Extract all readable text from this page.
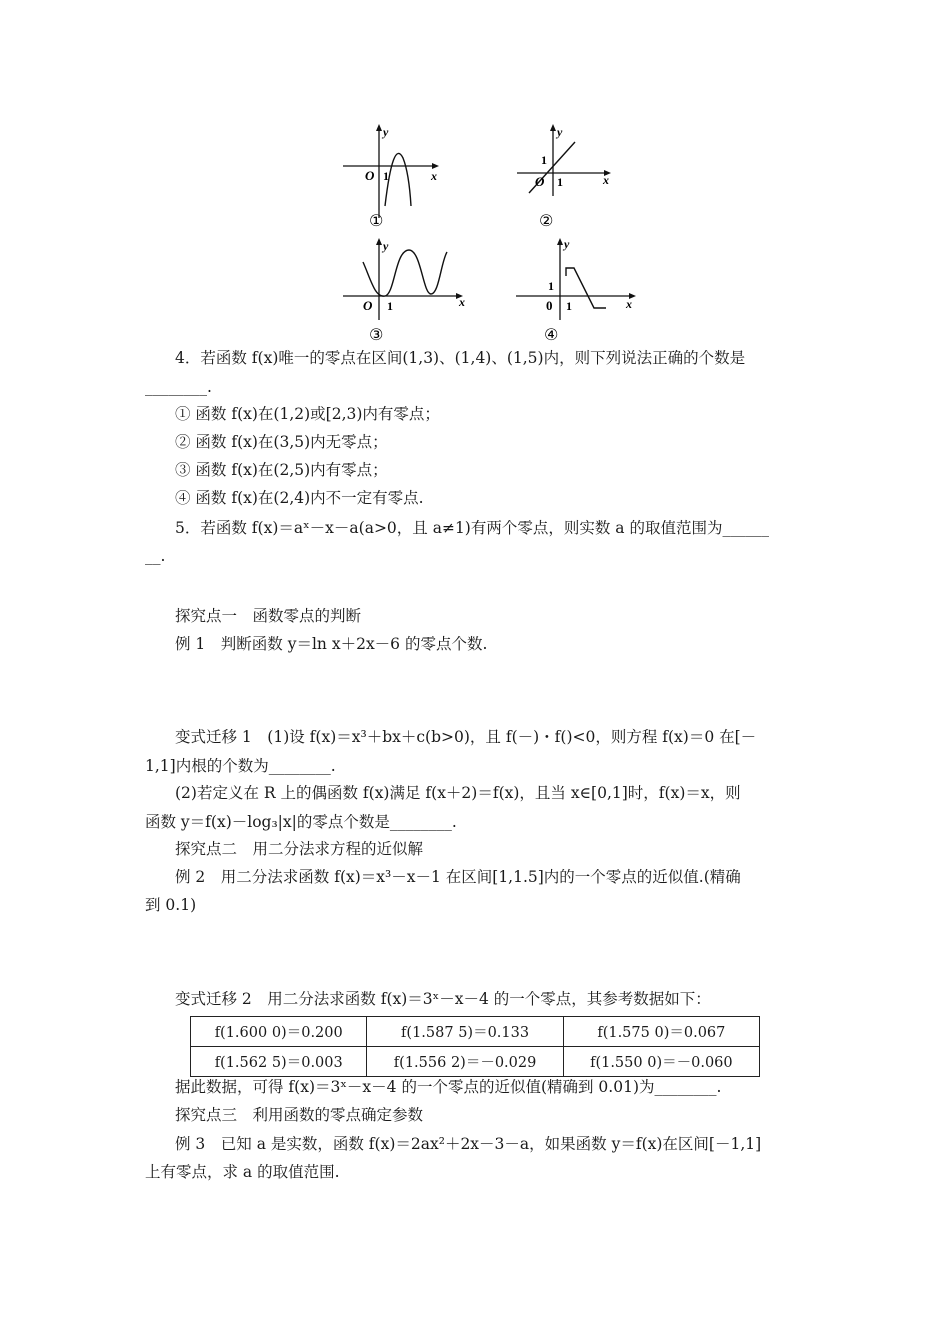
y
x
O 1
①
y
x
O 1
1
②
y
x
O 1
③
y
x
0 1
1
④
4．若函数 f(x)唯一的零点在区间(1,3)、(1,4)、(1,5)内，则下列说法正确的个数是
________.
① 函数 f(x)在(1,2)或[2,3)内有零点；
② 函数 f(x)在(3,5)内无零点；
③ 函数 f(x)在(2,5)内有零点；
④ 函数 f(x)在(2,4)内不一定有零点.
5．若函数 f(x)＝aˣ－x－a(a>0，且 a≠1)有两个零点，则实数 a 的取值范围为______
__.
探究点一　函数零点的判断
例 1　判断函数 y＝ln x＋2x－6 的零点个数.
变式迁移 1　(1)设 f(x)＝x³＋bx＋c(b>0)，且 f(－)・f()<0，则方程 f(x)＝0 在[－
1,1]内根的个数为________.
(2)若定义在 R 上的偶函数 f(x)满足 f(x＋2)＝f(x)，且当 x∈[0,1]时，f(x)＝x，则
函数 y＝f(x)－log₃|x|的零点个数是________.
探究点二　用二分法求方程的近似解
例 2　用二分法求函数 f(x)＝x³－x－1 在区间[1,1.5]内的一个零点的近似值.(精确
到 0.1)
变式迁移 2　用二分法求函数 f(x)＝3ˣ－x－4 的一个零点，其参考数据如下：
f(1.600 0)＝0.200	f(1.587 5)＝0.133	f(1.575 0)＝0.067
f(1.562 5)＝0.003	f(1.556 2)＝－0.029	f(1.550 0)＝－0.060
据此数据，可得 f(x)＝3ˣ－x－4 的一个零点的近似值(精确到 0.01)为________.
探究点三　利用函数的零点确定参数
例 3　已知 a 是实数，函数 f(x)＝2ax²＋2x－3－a，如果函数 y＝f(x)在区间[－1,1]
上有零点，求 a 的取值范围.
